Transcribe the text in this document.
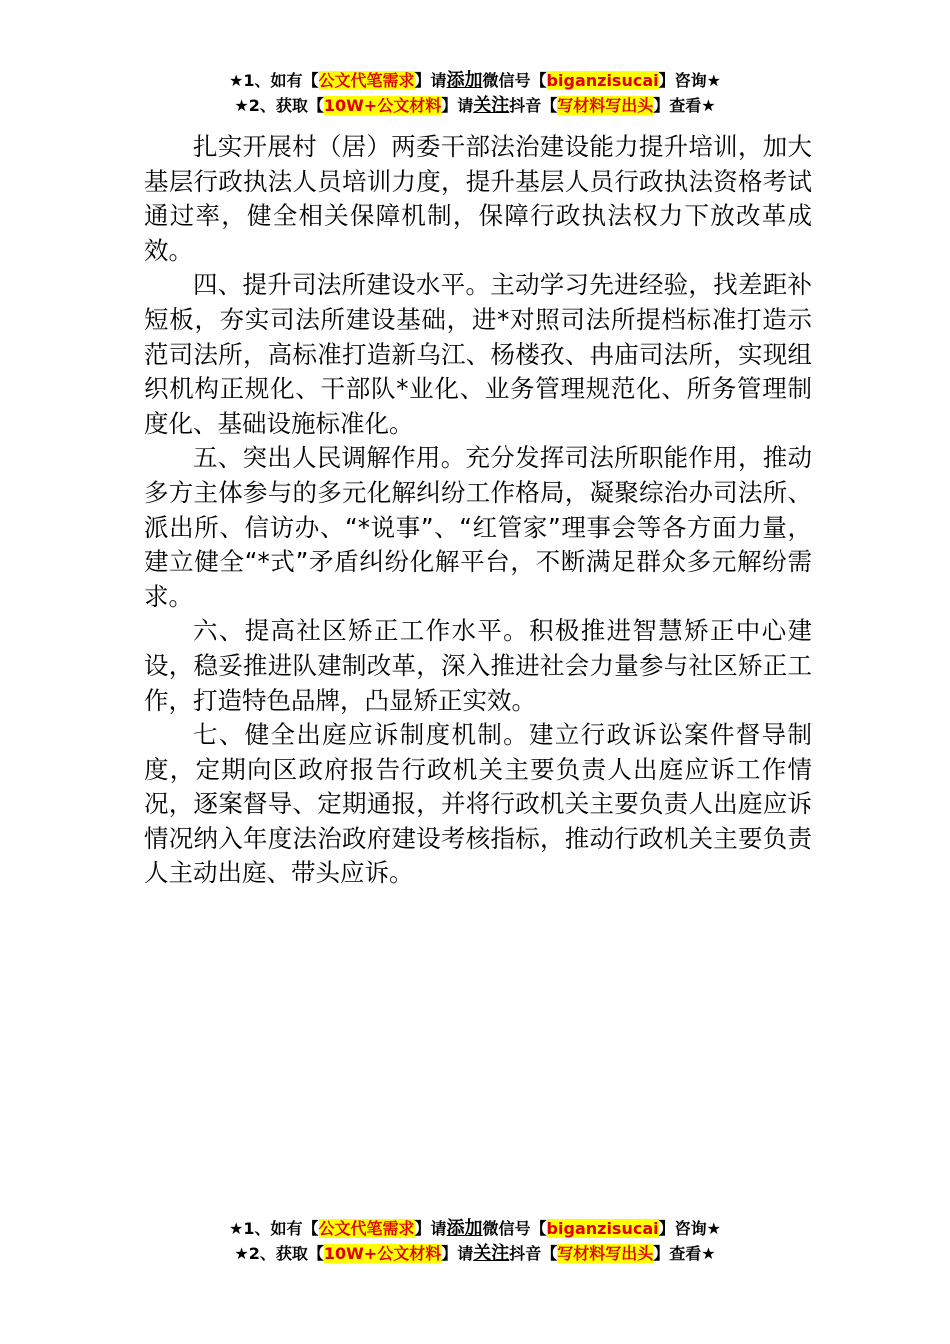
★1、如有【公文代笔需求】请添加微信号【biganzisucai】咨询★
★2、获取【10W+公文材料】请关注抖音【写材料写出头】查看★

扎实开展村（居）两委干部法治建设能力提升培训，加大基层行政执法人员培训力度，提升基层人员行政执法资格考试通过率，健全相关保障机制，保障行政执法权力下放改革成效。

四、提升司法所建设水平。主动学习先进经验，找差距补短板，夯实司法所建设基础，进*对照司法所提档标准打造示范司法所，高标准打造新乌江、杨楼孜、冉庙司法所，实现组织机构正规化、干部队*业化、业务管理规范化、所务管理制度化、基础设施标准化。

五、突出人民调解作用。充分发挥司法所职能作用，推动多方主体参与的多元化解纠纷工作格局，凝聚综治办司法所、派出所、信访办、“*说事”、“红管家”理事会等各方面力量，建立健全“*式”矛盾纠纷化解平台，不断满足群众多元解纷需求。

六、提高社区矫正工作水平。积极推进智慧矫正中心建设，稳妥推进队建制改革，深入推进社会力量参与社区矫正工作，打造特色品牌，凸显矫正实效。

七、健全出庭应诉制度机制。建立行政诉讼案件督导制度，定期向区政府报告行政机关主要负责人出庭应诉工作情况，逐案督导、定期通报，并将行政机关主要负责人出庭应诉情况纳入年度法治政府建设考核指标，推动行政机关主要负责人主动出庭、带头应诉。

★1、如有【公文代笔需求】请添加微信号【biganzisucai】咨询★
★2、获取【10W+公文材料】请关注抖音【写材料写出头】查看★
